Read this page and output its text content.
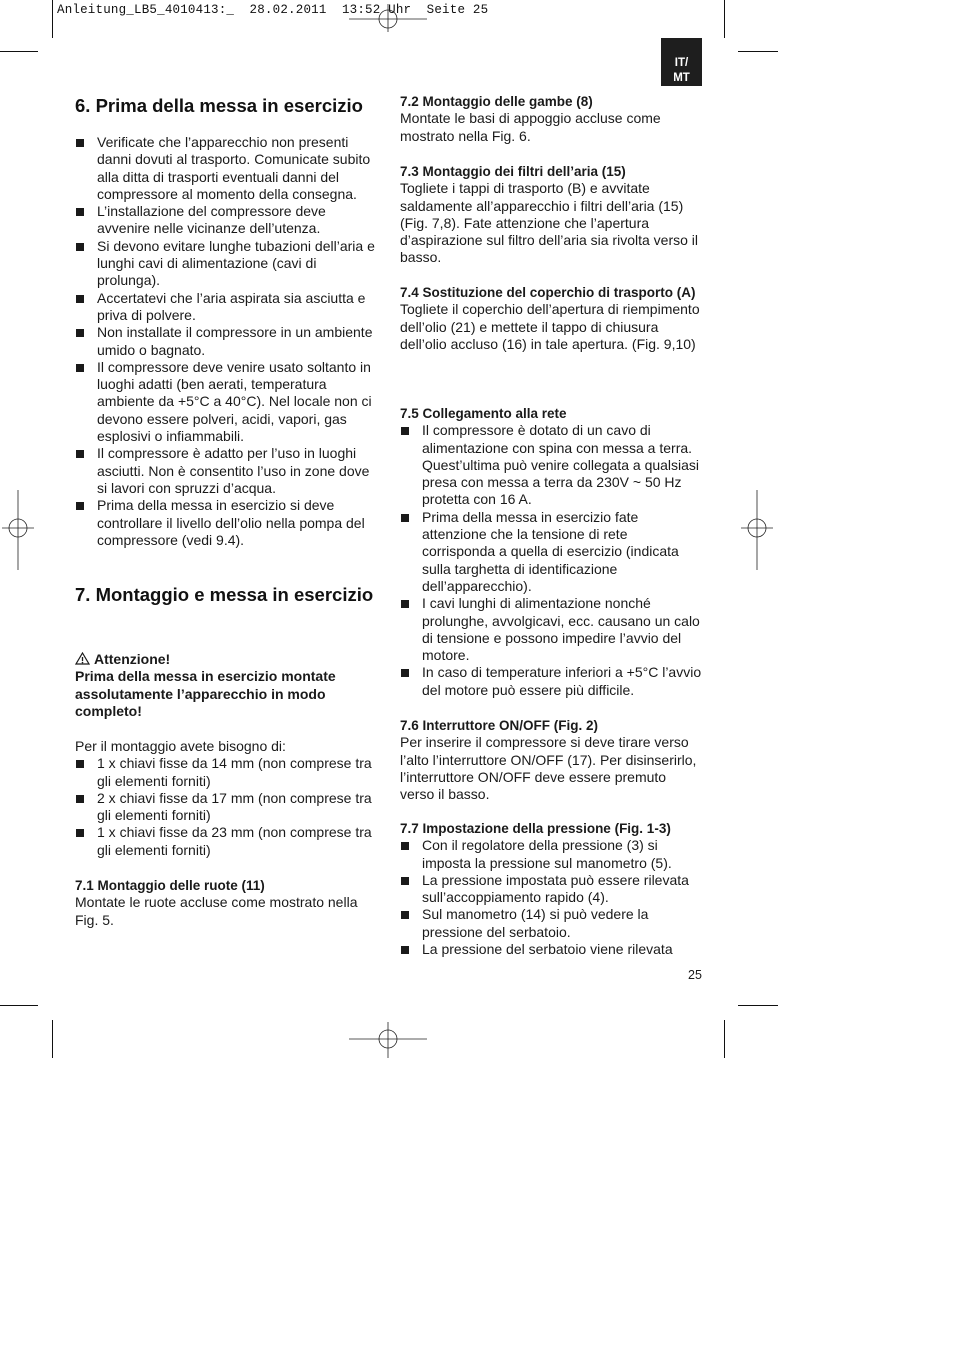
Anleitung_LB5_4010413:_  28.02.2011  13:52 Uhr  Seite 25
IT/
MT
6. Prima della messa in esercizio
Verificate che l’apparecchio non presenti danni dovuti al trasporto. Comunicate subito alla ditta di trasporti eventuali danni del compressore al momento della consegna.
L’installazione del compressore deve avvenire nelle vicinanze dell’utenza.
Si devono evitare lunghe tubazioni dell’aria e lunghi cavi di alimentazione (cavi di prolunga).
Accertatevi che l’aria aspirata sia asciutta e priva di polvere.
Non installate il compressore in un ambiente umido o bagnato.
Il compressore deve venire usato soltanto in luoghi adatti (ben aerati, temperatura ambiente da +5°C a 40°C). Nel locale non ci devono essere polveri, acidi, vapori, gas esplosivi o infiammabili.
Il compressore è adatto per l’uso in luoghi asciutti. Non è consentito l’uso in zone dove si lavori con spruzzi d’acqua.
Prima della messa in esercizio si deve controllare il livello dell’olio nella pompa del compressore (vedi 9.4).
7. Montaggio e messa in esercizio

Attenzione!

Prima della messa in esercizio montate assolutamente l’apparecchio in modo completo!

Per il montaggio avete bisogno di:

1 x chiavi fisse da 14 mm (non comprese tra gli elementi forniti)
2 x chiavi fisse da 17 mm (non comprese tra gli elementi forniti)
1 x chiavi fisse da 23 mm (non comprese tra gli elementi forniti)
7.1 Montaggio delle ruote (11)

Montate le ruote accluse come mostrato nella Fig. 5.

7.2 Montaggio delle gambe (8)

Montate le basi di appoggio accluse come mostrato nella Fig. 6.

7.3 Montaggio dei filtri dell’aria (15)

Togliete i tappi di trasporto (B) e avvitate saldamente all’apparecchio i filtri dell’aria (15) (Fig. 7,8). Fate attenzione che l’apertura d’aspirazione sul filtro dell’aria sia rivolta verso il basso.

7.4 Sostituzione del coperchio di trasporto (A)

Togliete il coperchio dell’apertura di riempimento dell’olio (21) e mettete il tappo di chiusura dell’olio accluso (16) in tale apertura. (Fig. 9,10)

7.5 Collegamento alla rete
Il compressore è dotato di un cavo di alimentazione con spina con messa a terra. Quest’ultima può venire collegata a qualsiasi presa con messa a terra da 230V ~ 50 Hz protetta con 16 A.
Prima della messa in esercizio fate attenzione che la tensione di rete corrisponda a quella di esercizio (indicata sulla targhetta di identificazione dell’apparecchio).
I cavi lunghi di alimentazione nonché prolunghe, avvolgicavi, ecc. causano un calo di tensione e possono impedire l’avvio del motore.
In caso di temperature inferiori a +5°C l’avvio del motore può essere più difficile.
7.6 Interruttore ON/OFF (Fig. 2)

Per inserire il compressore si deve tirare verso l’alto l’interruttore ON/OFF (17). Per disinserirlo, l’interruttore ON/OFF deve essere premuto verso il basso.

7.7 Impostazione della pressione (Fig. 1-3)
Con il regolatore della pressione (3) si imposta la pressione sul manometro (5).
La pressione impostata può essere rilevata sull’accoppiamento rapido (4).
Sul manometro (14) si può vedere la pressione del serbatoio.
La pressione del serbatoio viene rilevata
25
